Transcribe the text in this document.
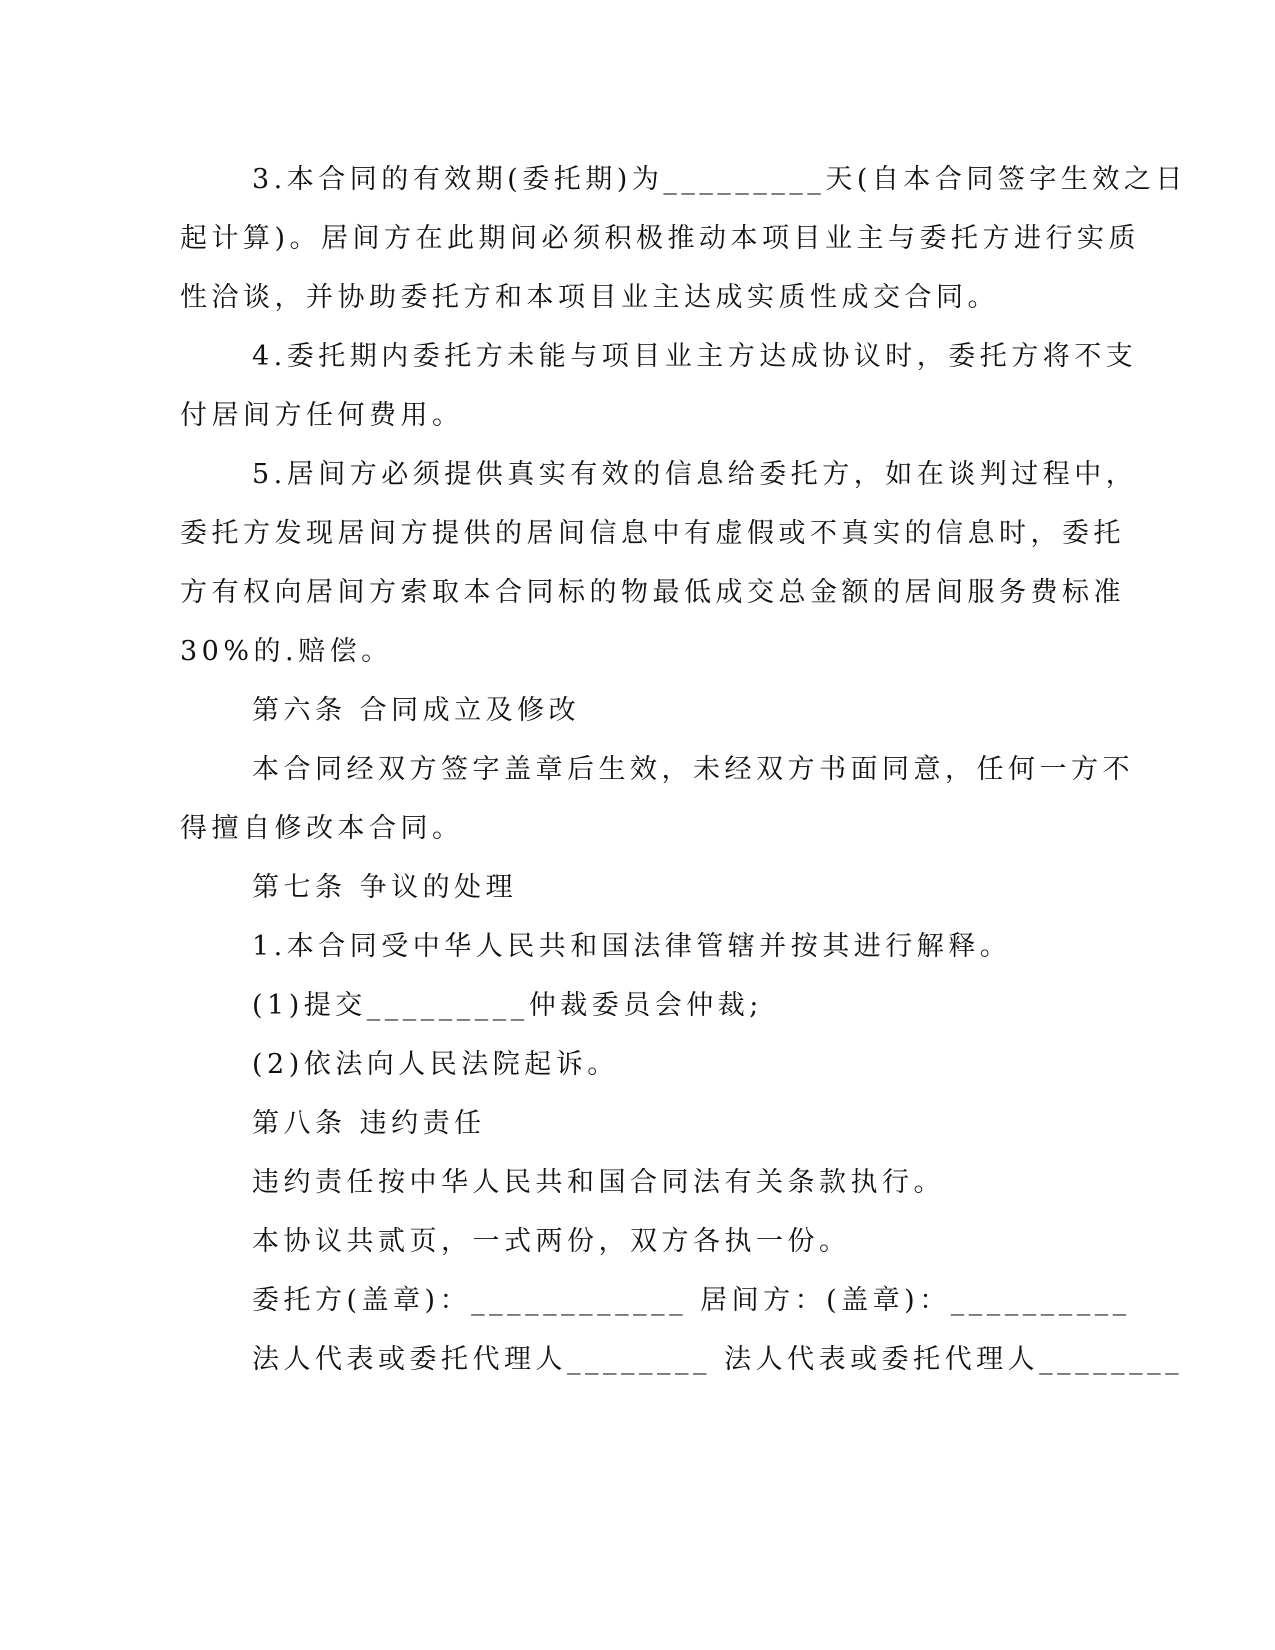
3.本合同的有效期(委托期)为_________天(自本合同签字生效之日
起计算)。居间方在此期间必须积极推动本项目业主与委托方进行实质
性洽谈，并协助委托方和本项目业主达成实质性成交合同。
4.委托期内委托方未能与项目业主方达成协议时，委托方将不支
付居间方任何费用。
5.居间方必须提供真实有效的信息给委托方，如在谈判过程中，
委托方发现居间方提供的居间信息中有虚假或不真实的信息时，委托
方有权向居间方索取本合同标的物最低成交总金额的居间服务费标准
30%的.赔偿。
第六条 合同成立及修改
本合同经双方签字盖章后生效，未经双方书面同意，任何一方不
得擅自修改本合同。
第七条 争议的处理
1.本合同受中华人民共和国法律管辖并按其进行解释。
(1)提交_________仲裁委员会仲裁;
(2)依法向人民法院起诉。
第八条 违约责任
违约责任按中华人民共和国合同法有关条款执行。
本协议共贰页，一式两份，双方各执一份。
委托方(盖章)：____________ 居间方：(盖章)：__________
法人代表或委托代理人________ 法人代表或委托代理人________
